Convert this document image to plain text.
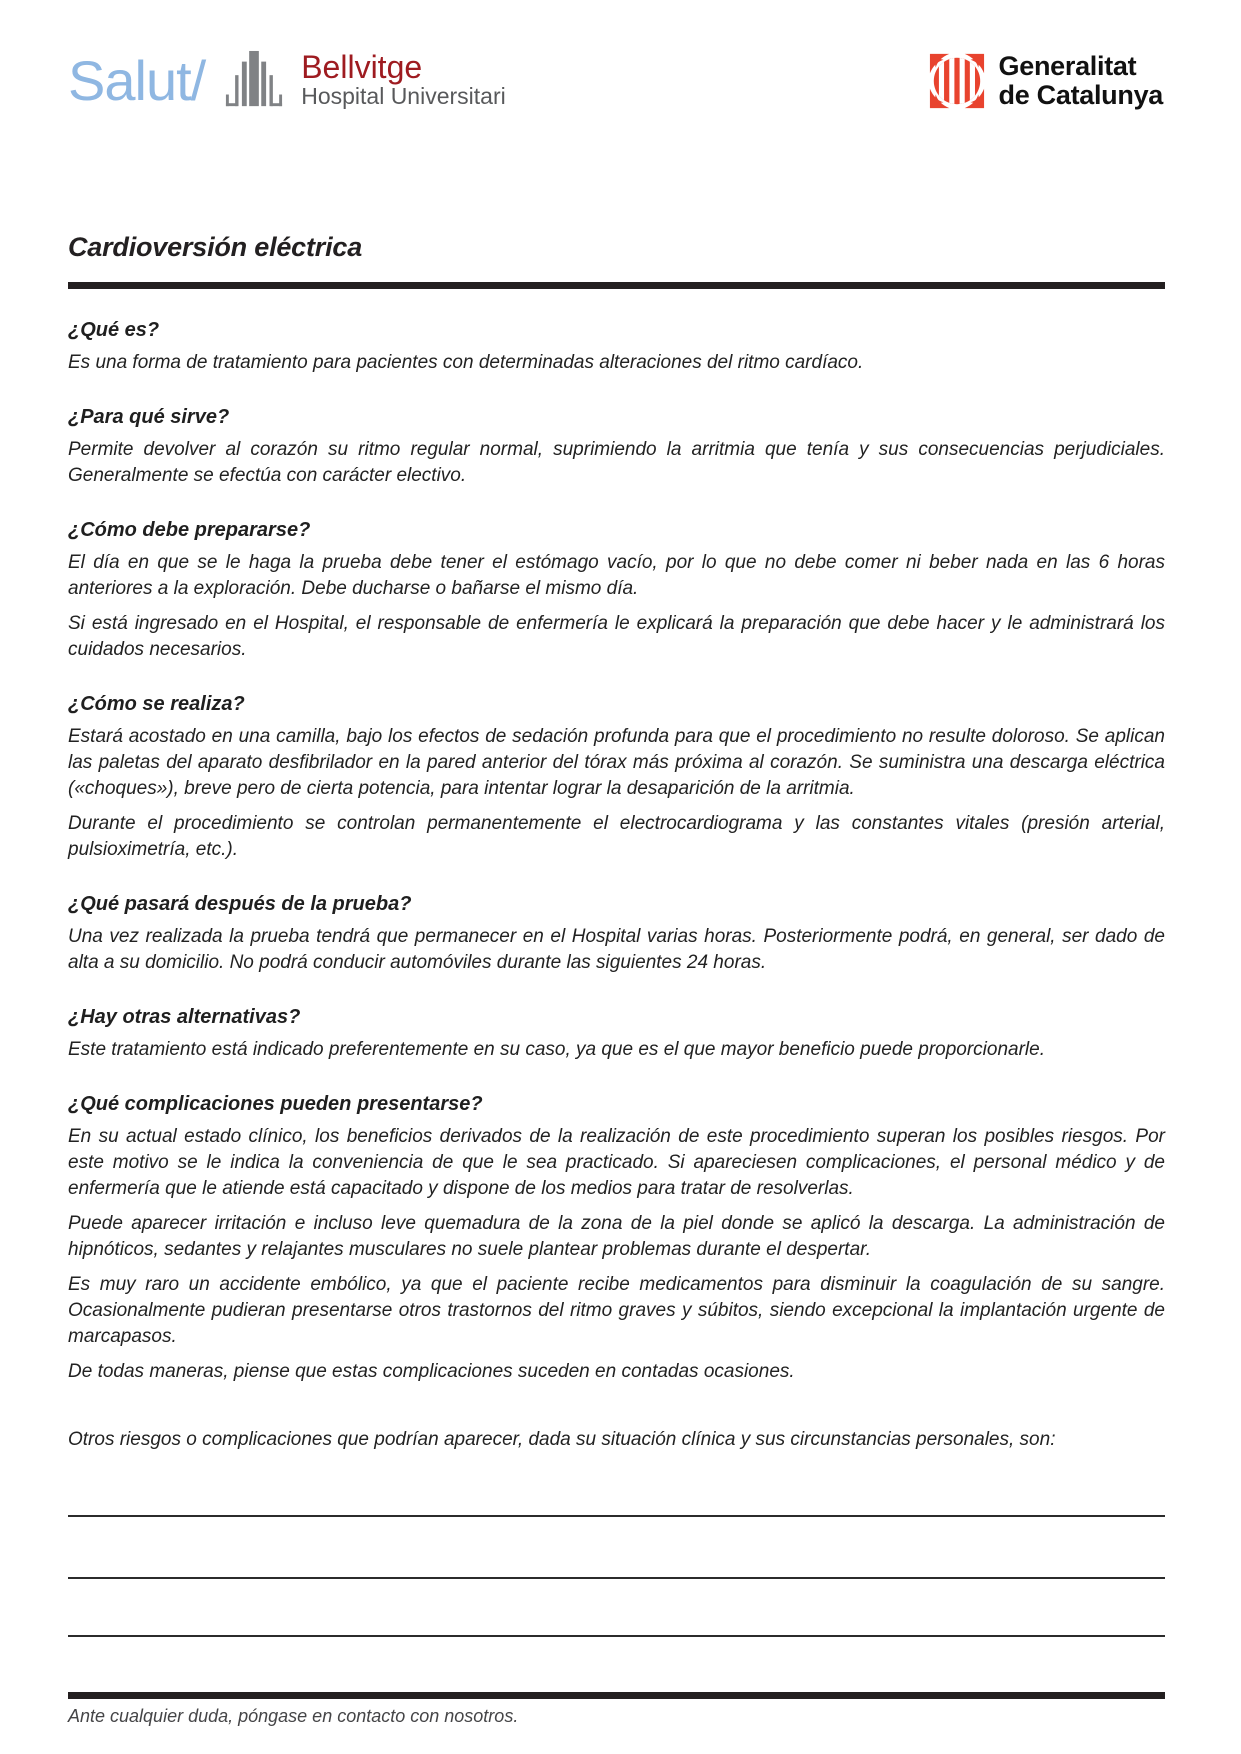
Salut/	Bellvitge
Hospital Universitari
Generalitat
de Catalunya
Cardioversión eléctrica
¿Qué es?

Es una forma de tratamiento para pacientes con determinadas alteraciones del ritmo cardíaco.

¿Para qué sirve?

Permite devolver al corazón su ritmo regular normal, suprimiendo la arritmia que tenía y sus consecuencias perjudiciales. Generalmente se efectúa con carácter electivo.

¿Cómo debe prepararse?

El día en que se le haga la prueba debe tener el estómago vacío, por lo que no debe comer ni beber nada en las 6 horas anteriores a la exploración. Debe ducharse o bañarse el mismo día.

Si está ingresado en el Hospital, el responsable de enfermería le explicará la preparación que debe hacer y le administrará los cuidados necesarios.

¿Cómo se realiza?

Estará acostado en una camilla, bajo los efectos de sedación profunda para que el procedimiento no resulte doloroso. Se aplican las paletas del aparato desfibrilador en la pared anterior del tórax más próxima al corazón. Se suministra una descarga eléctrica («choques»), breve pero de cierta potencia, para intentar lograr la desaparición de la arritmia.

Durante el procedimiento se controlan permanentemente el electrocardiograma y las constantes vitales (presión arterial, pulsioximetría, etc.).

¿Qué pasará después de la prueba?

Una vez realizada la prueba tendrá que permanecer en el Hospital varias horas. Posteriormente podrá, en general, ser dado de alta a su domicilio. No podrá conducir automóviles durante las siguientes 24 horas.

¿Hay otras alternativas?

Este tratamiento está indicado preferentemente en su caso, ya que es el que mayor beneficio puede proporcionarle.

¿Qué complicaciones pueden presentarse?

En su actual estado clínico, los beneficios derivados de la realización de este procedimiento superan los posibles riesgos. Por este motivo se le indica la conveniencia de que le sea practicado. Si apareciesen complicaciones, el personal médico y de enfermería que le atiende está capacitado y dispone de los medios para tratar de resolverlas.

Puede aparecer irritación e incluso leve quemadura de la zona de la piel donde se aplicó la descarga. La administración de hipnóticos, sedantes y relajantes musculares no suele plantear problemas durante el despertar.

Es muy raro un accidente embólico, ya que el paciente recibe medicamentos para disminuir la coagulación de su sangre. Ocasionalmente pudieran presentarse otros trastornos del ritmo graves y súbitos, siendo excepcional la implantación urgente de marcapasos.

De todas maneras, piense que estas complicaciones suceden en contadas ocasiones.

Otros riesgos o complicaciones que podrían aparecer, dada su situación clínica y sus circunstancias personales, son:

Ante cualquier duda, póngase en contacto con nosotros.
